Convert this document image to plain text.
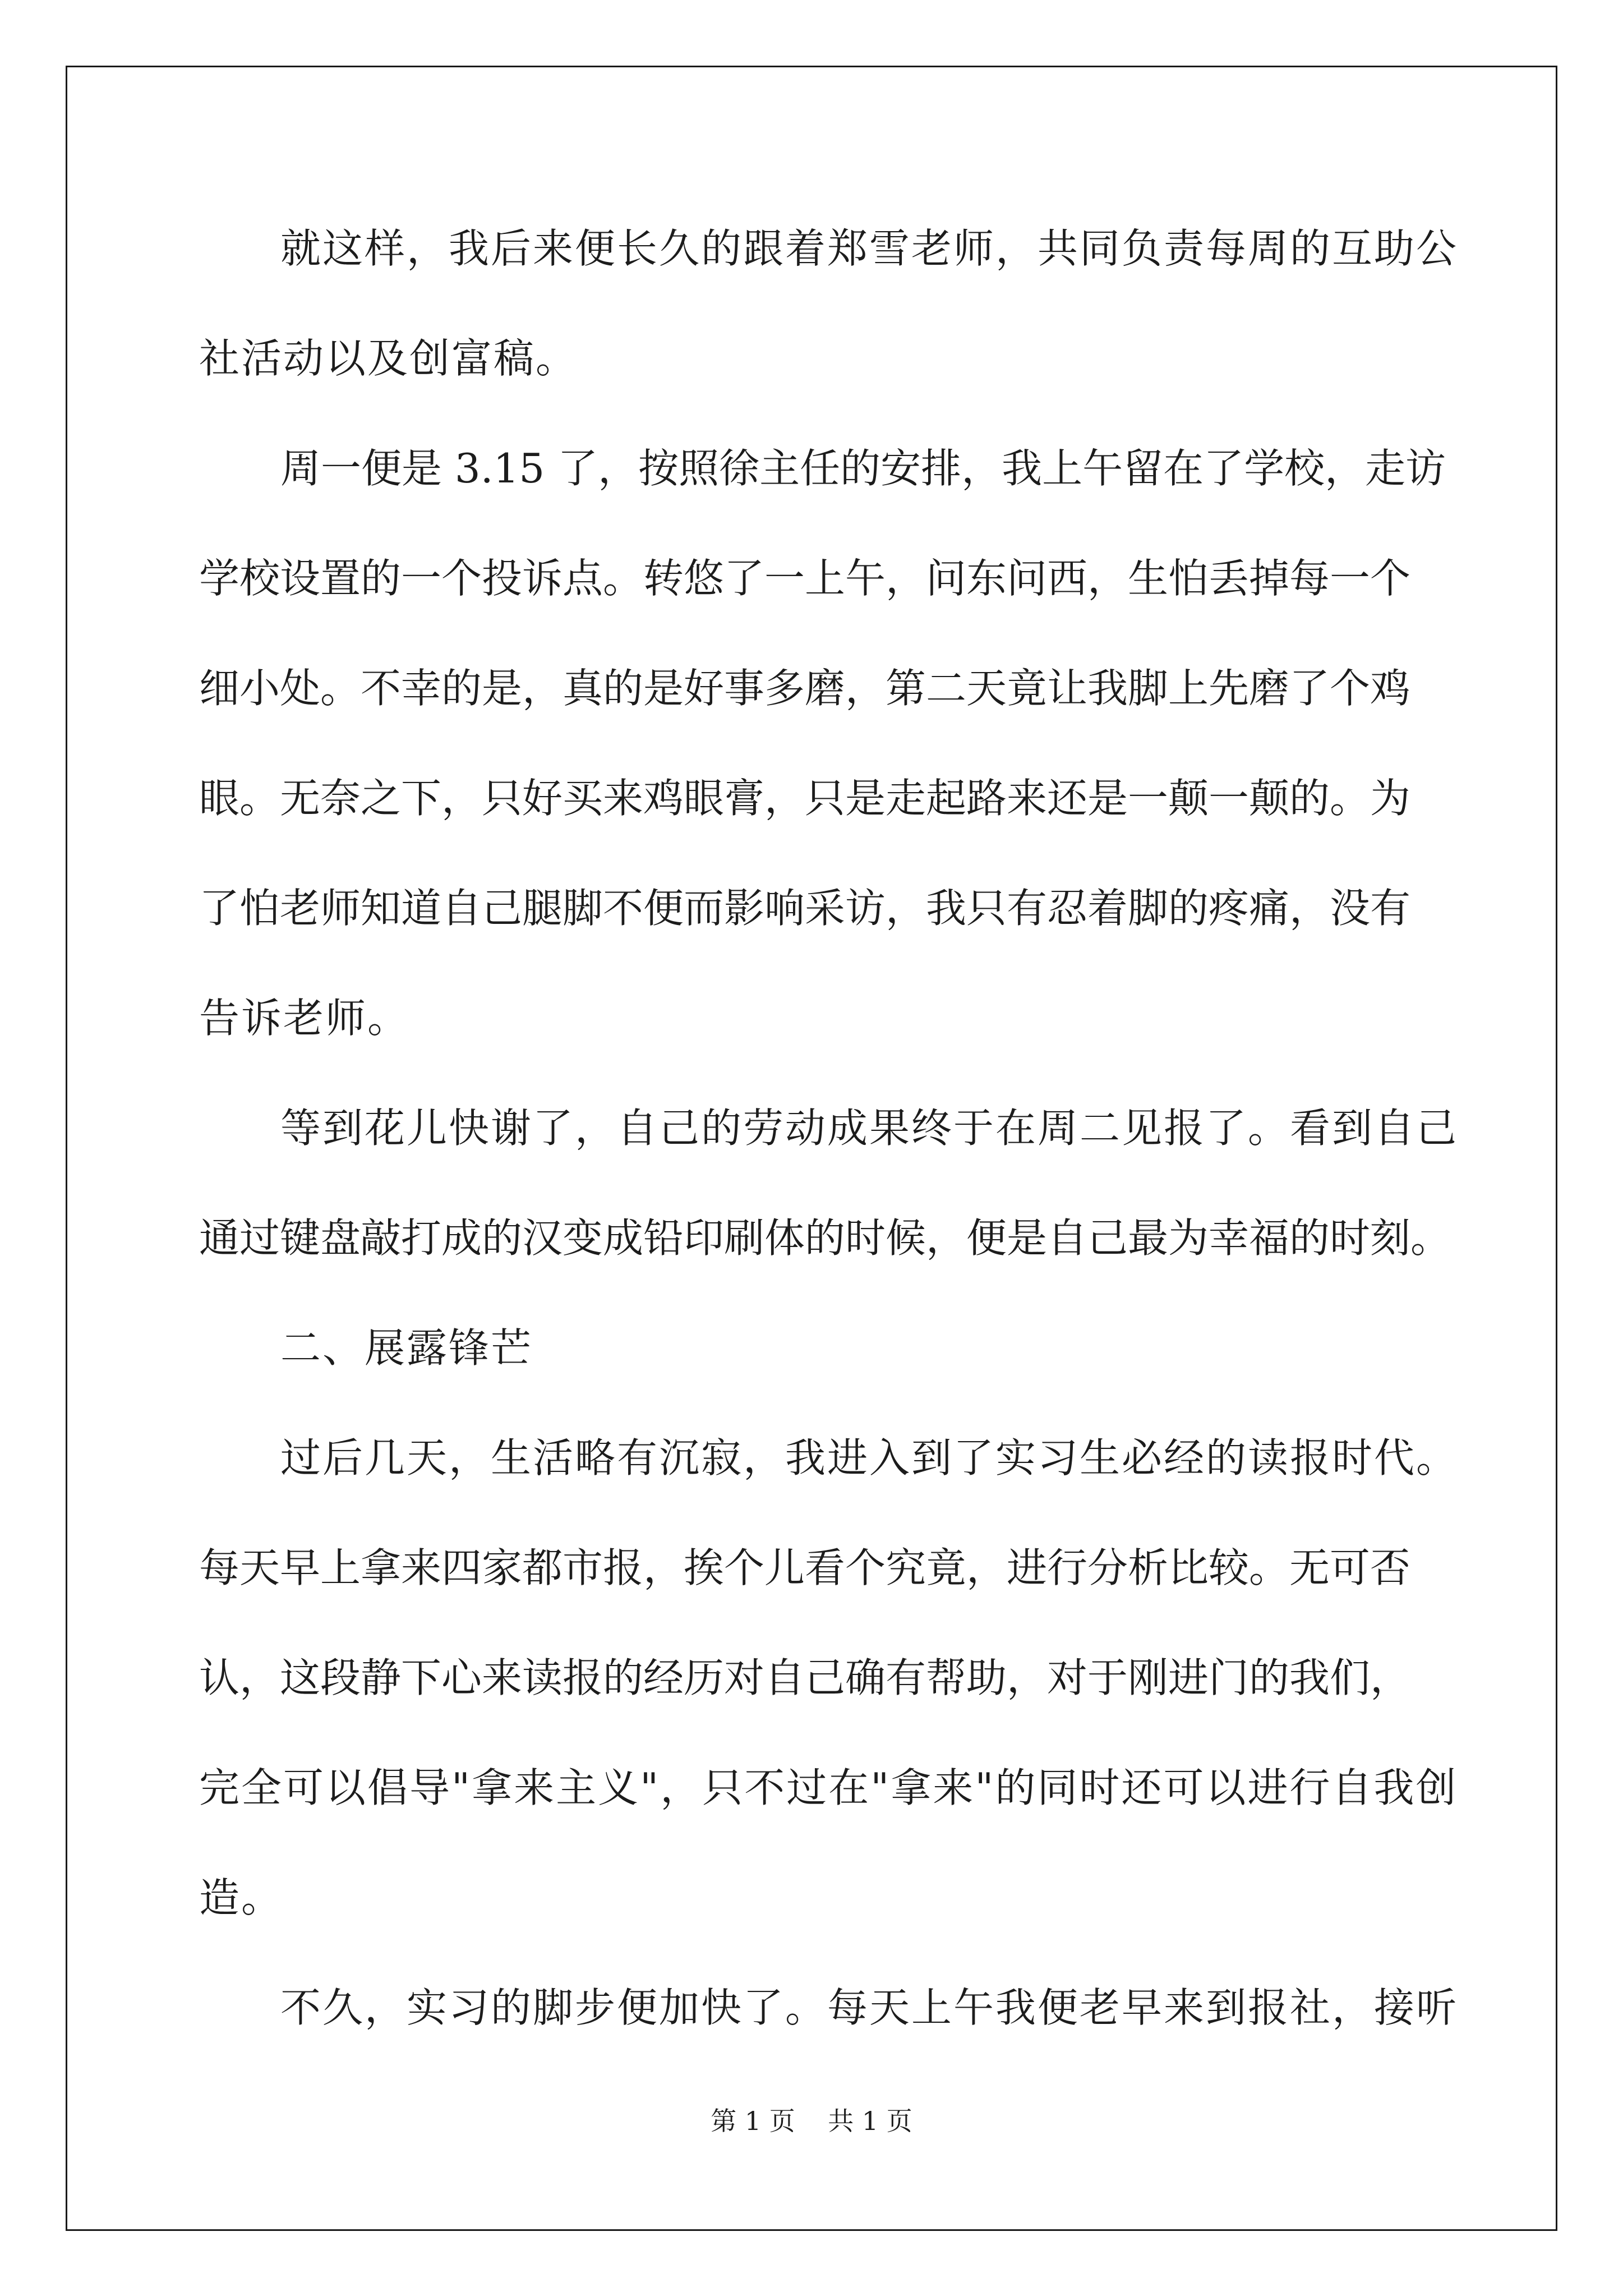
就这样，我后来便长久的跟着郑雪老师，共同负责每周的互助公
社活动以及创富稿。
周一便是 3.15 了，按照徐主任的安排，我上午留在了学校，走访
学校设置的一个投诉点。转悠了一上午，问东问西，生怕丢掉每一个
细小处。不幸的是，真的是好事多磨，第二天竟让我脚上先磨了个鸡
眼。无奈之下，只好买来鸡眼膏，只是走起路来还是一颠一颠的。为
了怕老师知道自己腿脚不便而影响采访，我只有忍着脚的疼痛，没有
告诉老师。
等到花儿快谢了，自己的劳动成果终于在周二见报了。看到自己
通过键盘敲打成的汉变成铅印刷体的时候，便是自己最为幸福的时刻。
二、展露锋芒
过后几天，生活略有沉寂，我进入到了实习生必经的读报时代。
每天早上拿来四家都市报，挨个儿看个究竟，进行分析比较。无可否
认，这段静下心来读报的经历对自己确有帮助，对于刚进门的我们，
完全可以倡导"拿来主义"，只不过在"拿来"的同时还可以进行自我创
造。
不久，实习的脚步便加快了。每天上午我便老早来到报社，接听
第 1 页    共 1 页
